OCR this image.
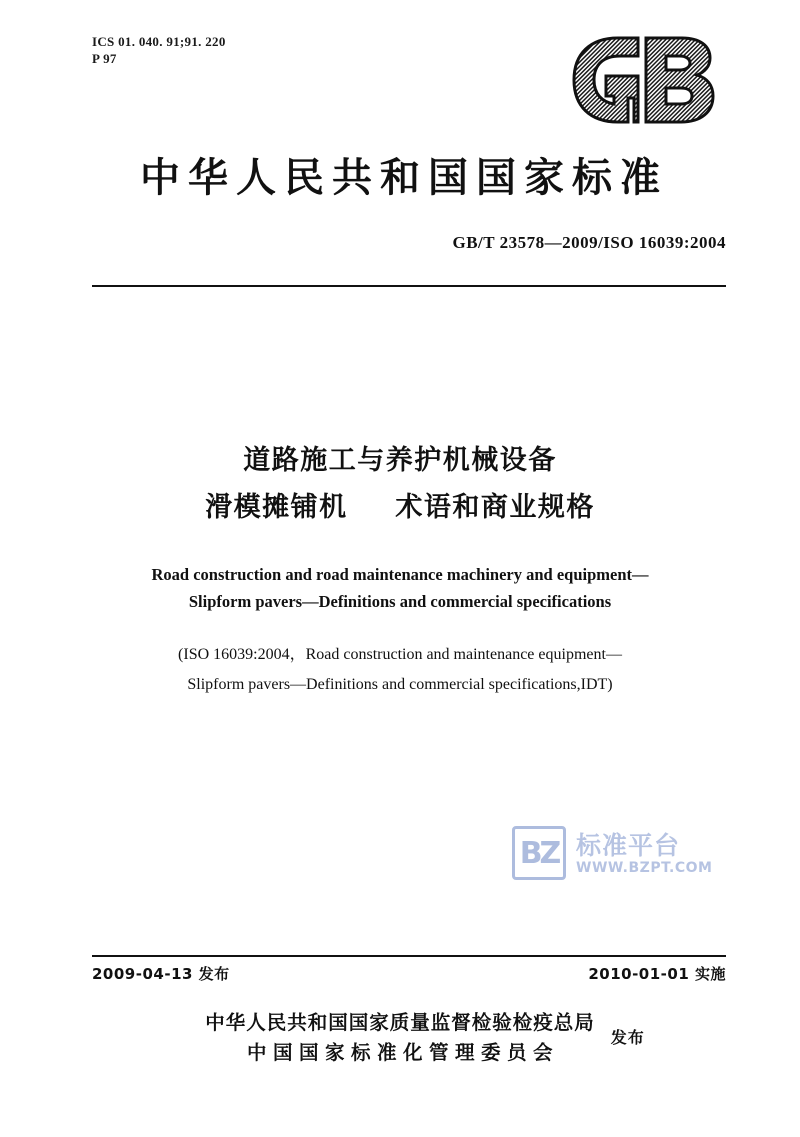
ICS 01. 040. 91;91. 220
P 97
中华人民共和国国家标准
GB/T 23578—2009/ISO 16039:2004
道路施工与养护机械设备
滑模摊铺机 术语和商业规格
Road construction and road maintenance machinery and equipment—
Slipform pavers—Definitions and commercial specifications
(ISO 16039:2004，Road construction and maintenance equipment—
Slipform pavers—Definitions and commercial specifications,IDT)
BZ 标准平台
WWW.BZPT.COM
2009-04-13 发布	2010-01-01 实施
中华人民共和国国家质量监督检验检疫总局
中国国家标准化管理委员会
发布
